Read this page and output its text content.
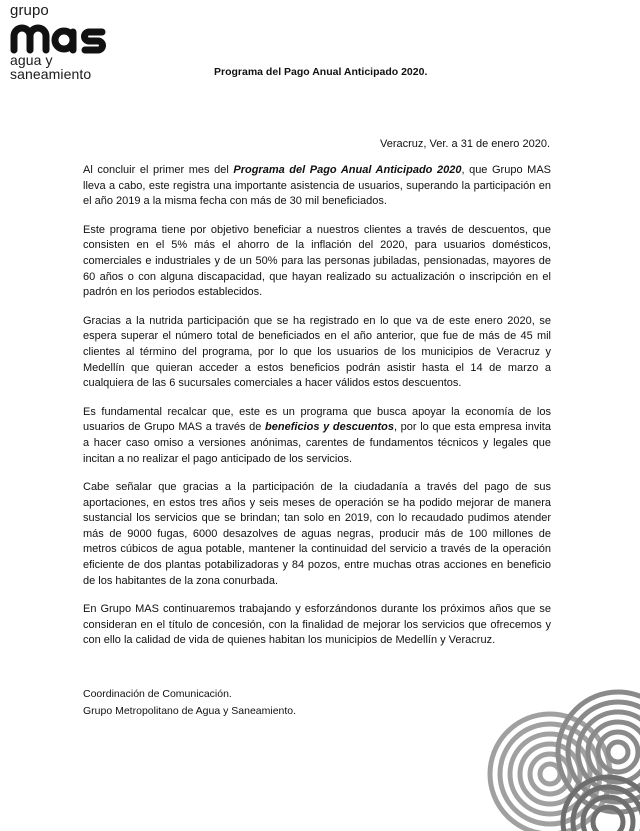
grupo
agua y
saneamiento	Programa del Pago Anual Anticipado 2020.
Veracruz, Ver. a 31 de enero 2020.

Al concluir el primer mes del Programa del Pago Anual Anticipado 2020, que Grupo MAS lleva a cabo, este registra una importante asistencia de usuarios, superando la participación en el año 2019 a la misma fecha con más de 30 mil beneficiados.

Este programa tiene por objetivo beneficiar a nuestros clientes a través de descuentos, que consisten en el 5% más el ahorro de la inflación del 2020, para usuarios domésticos, comerciales e industriales y de un 50% para las personas jubiladas, pensionadas, mayores de 60 años o con alguna discapacidad, que hayan realizado su actualización o inscripción en el padrón en los periodos establecidos.

Gracias a la nutrida participación que se ha registrado en lo que va de este enero 2020, se espera superar el número total de beneficiados en el año anterior, que fue de más de 45 mil clientes al término del programa, por lo que los usuarios de los municipios de Veracruz y Medellín que quieran acceder a estos beneficios podrán asistir hasta el 14 de marzo a cualquiera de las 6 sucursales comerciales a hacer válidos estos descuentos.

Es fundamental recalcar que, este es un programa que busca apoyar la economía de los usuarios de Grupo MAS a través de beneficios y descuentos, por lo que esta empresa invita a hacer caso omiso a versiones anónimas, carentes de fundamentos técnicos y legales que incitan a no realizar el pago anticipado de los servicios.

Cabe señalar que gracias a la participación de la ciudadanía a través del pago de sus aportaciones, en estos tres años y seis meses de operación se ha podido mejorar de manera sustancial los servicios que se brindan; tan solo en 2019, con lo recaudado pudimos atender más de 9000 fugas, 6000 desazolves de aguas negras, producir más de 100 millones de metros cúbicos de agua potable, mantener la continuidad del servicio a través de la operación eficiente de dos plantas potabilizadoras y 84 pozos, entre muchas otras acciones en beneficio de los habitantes de la zona conurbada.

En Grupo MAS continuaremos trabajando y esforzándonos durante los próximos años que se consideran en el título de concesión, con la finalidad de mejorar los servicios que ofrecemos y con ello la calidad de vida de quienes habitan los municipios de Medellín y Veracruz.

Coordinación de Comunicación.
Grupo Metropolitano de Agua y Saneamiento.
